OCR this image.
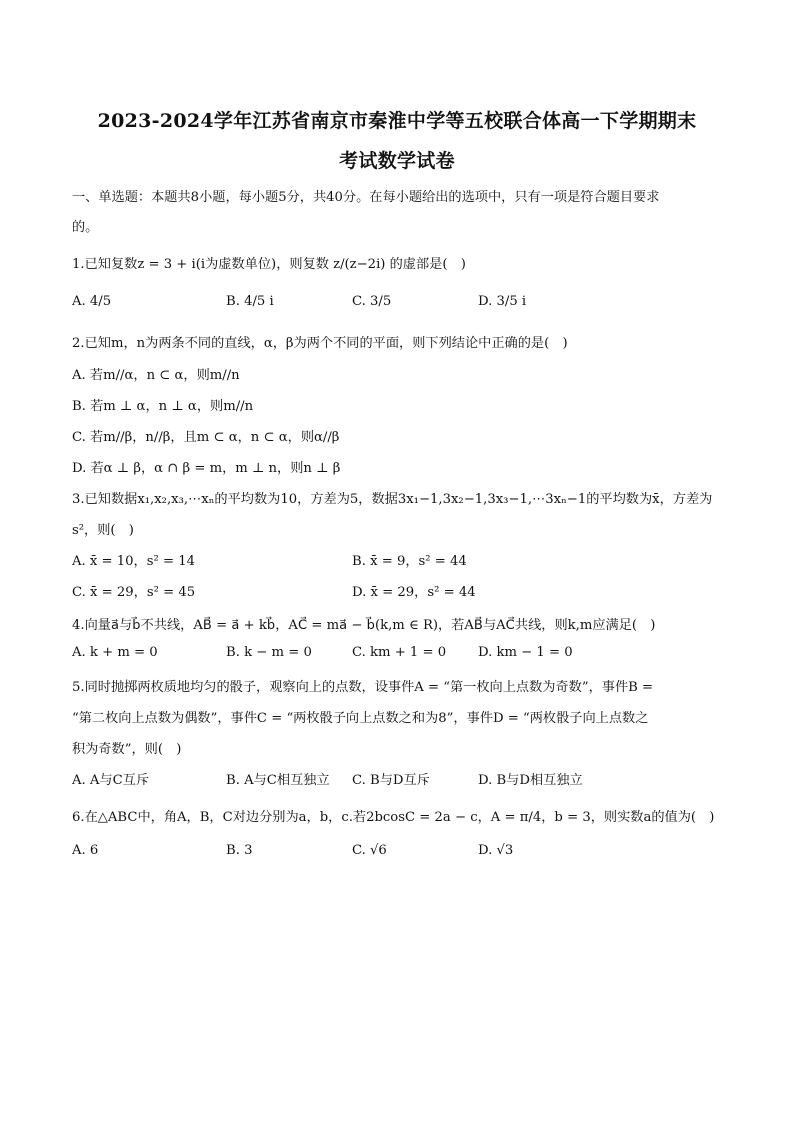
2023-2024学年江苏省南京市秦淮中学等五校联合体高一下学期期末
考试数学试卷
一、单选题：本题共8小题，每小题5分，共40分。在每小题给出的选项中，只有一项是符合题目要求
的。
1.已知复数z = 3 + i(i为虚数单位)，则复数 z/(z−2i) 的虚部是(　)
A. 4/5	B. 4/5 i	C. 3/5	D. 3/5 i
2.已知m，n为两条不同的直线，α，β为两个不同的平面，则下列结论中正确的是(　)
A. 若m//α，n ⊂ α，则m//n
B. 若m ⊥ α，n ⊥ α，则m//n
C. 若m//β，n//β，且m ⊂ α，n ⊂ α，则α//β
D. 若α ⊥ β，α ∩ β = m，m ⊥ n，则n ⊥ β
3.已知数据x₁,x₂,x₃,⋯xₙ的平均数为10，方差为5，数据3x₁−1,3x₂−1,3x₃−1,⋯3xₙ−1的平均数为x̄，方差为
s²，则(　)
A. x̄ = 10，s² = 14	B. x̄ = 9，s² = 44
C. x̄ = 29，s² = 45	D. x̄ = 29，s² = 44
4.向量a⃗与b⃗不共线，AB⃗ = a⃗ + kb⃗，AC⃗ = ma⃗ − b⃗(k,m ∈ R)，若AB⃗与AC⃗共线，则k,m应满足(　)
A. k + m = 0	B. k − m = 0	C. km + 1 = 0 D. km − 1 = 0
5.同时抛掷两枚质地均匀的骰子，观察向上的点数，设事件A = “第一枚向上点数为奇数”，事件B =
“第二枚向上点数为偶数”，事件C = “两枚骰子向上点数之和为8”，事件D = “两枚骰子向上点数之
积为奇数”，则(　)
A. A与C互斥	B. A与C相互独立 C. B与D互斥	D. B与D相互独立
6.在△ABC中，角A，B，C对边分别为a，b，c.若2bcosC = 2a − c，A = π/4，b = 3，则实数a的值为(　)
A. 6	B. 3	C. √6	D. √3
